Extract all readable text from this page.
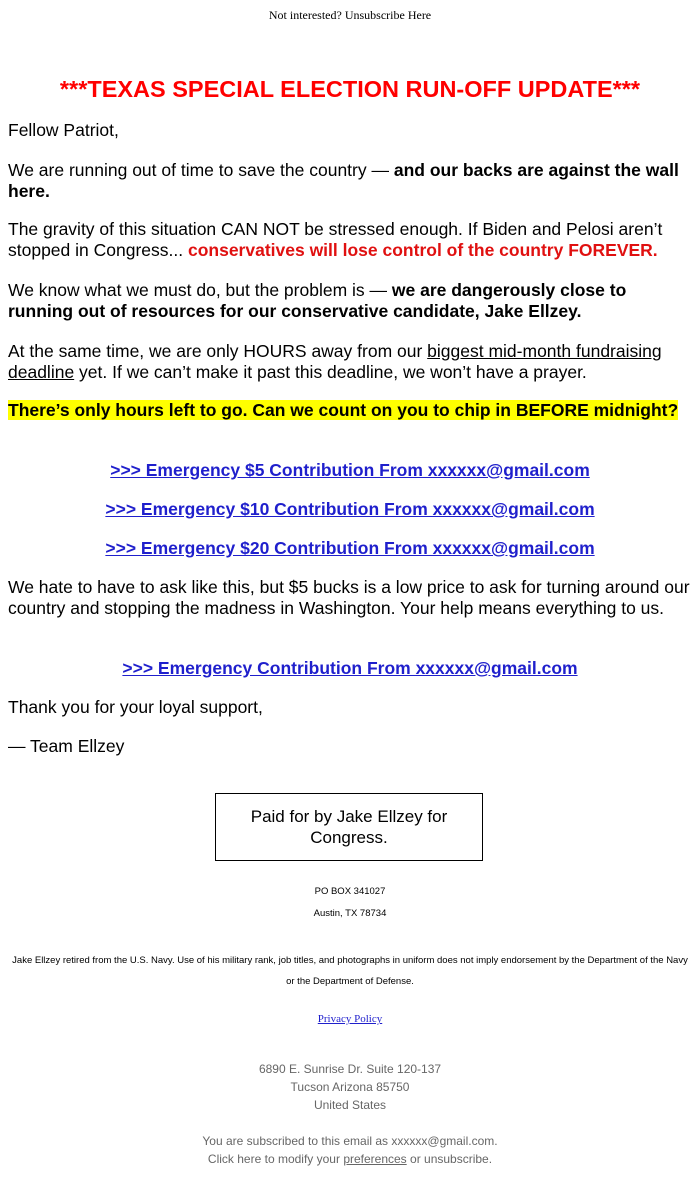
Not interested? Unsubscribe Here
***TEXAS SPECIAL ELECTION RUN-OFF UPDATE***

Fellow Patriot,

We are running out of time to save the country — and our backs are against the wall here.

The gravity of this situation CAN NOT be stressed enough. If Biden and Pelosi aren’t stopped in Congress... conservatives will lose control of the country FOREVER.

We know what we must do, but the problem is — we are dangerously close to running out of resources for our conservative candidate, Jake Ellzey.

At the same time, we are only HOURS away from our biggest mid-month fundraising deadline yet. If we can’t make it past this deadline, we won’t have a prayer.

There’s only hours left to go. Can we count on you to chip in BEFORE midnight?

>>> Emergency $5 Contribution From xxxxxx@gmail.com
>>> Emergency $10 Contribution From xxxxxx@gmail.com
>>> Emergency $20 Contribution From xxxxxx@gmail.com

We hate to have to ask like this, but $5 bucks is a low price to ask for turning around our country and stopping the madness in Washington. Your help means everything to us.

>>> Emergency Contribution From xxxxxx@gmail.com

Thank you for your loyal support,

— Team Ellzey

Paid for by Jake Ellzey for Congress.
PO BOX 341027
Austin, TX 78734
Jake Ellzey retired from the U.S. Navy. Use of his military rank, job titles, and photographs in uniform does not imply endorsement by the Department of the Navy or the Department of Defense.
Privacy Policy
6890 E. Sunrise Dr. Suite 120-137
Tucson Arizona 85750
United States
You are subscribed to this email as xxxxxx@gmail.com.
Click here to modify your preferences or unsubscribe.
